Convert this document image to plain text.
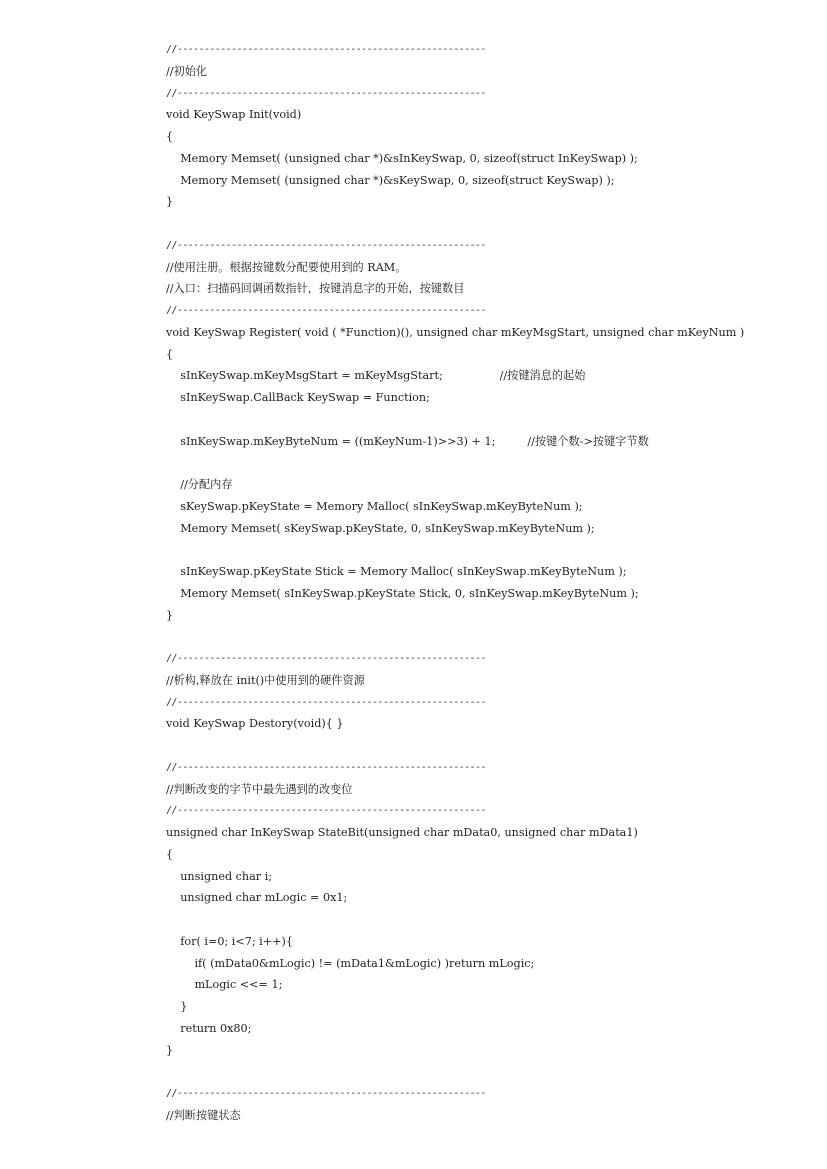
//---------------------------------------------------------
//初始化
//---------------------------------------------------------
void KeySwap Init(void)
{
Memory Memset( (unsigned char *)&sInKeySwap, 0, sizeof(struct InKeySwap) );
Memory Memset( (unsigned char *)&sKeySwap, 0, sizeof(struct KeySwap) );
}
//---------------------------------------------------------
//使用注册。根据按键数分配要使用到的 RAM。
//入口：扫描码回调函数指针，按键消息字的开始，按键数目
//---------------------------------------------------------
void KeySwap Register( void ( *Function)(), unsigned char mKeyMsgStart, unsigned char mKeyNum )
{
sInKeySwap.mKeyMsgStart = mKeyMsgStart;                //按键消息的起始
sInKeySwap.CallBack KeySwap = Function;
sInKeySwap.mKeyByteNum = ((mKeyNum-1)>>3) + 1;         //按键个数->按键字节数
//分配内存
sKeySwap.pKeyState = Memory Malloc( sInKeySwap.mKeyByteNum );
Memory Memset( sKeySwap.pKeyState, 0, sInKeySwap.mKeyByteNum );
sInKeySwap.pKeyState Stick = Memory Malloc( sInKeySwap.mKeyByteNum );
Memory Memset( sInKeySwap.pKeyState Stick, 0, sInKeySwap.mKeyByteNum );
}
//---------------------------------------------------------
//析构,释放在 init()中使用到的硬件资源
//---------------------------------------------------------
void KeySwap Destory(void){ }
//---------------------------------------------------------
//判断改变的字节中最先遇到的改变位
//---------------------------------------------------------
unsigned char InKeySwap StateBit(unsigned char mData0, unsigned char mData1)
{
unsigned char i;
unsigned char mLogic = 0x1;
for( i=0; i<7; i++){
if( (mData0&mLogic) != (mData1&mLogic) )return mLogic;
mLogic <<= 1;
}
return 0x80;
}
//---------------------------------------------------------
//判断按键状态
